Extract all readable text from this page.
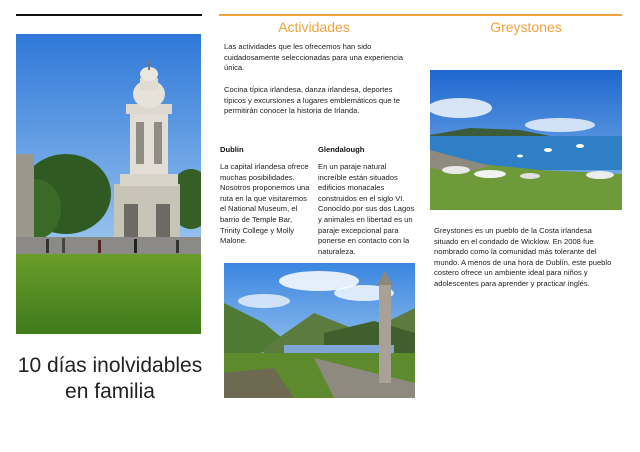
10 días inolvidables
en familia
Actividades
Las actividades que les ofrecemos han sido cuidadosamente seleccionadas para una experiencia única.
Cocina típica irlandesa, danza irlandesa, deportes típicos y excursiones a lugares emblemáticos que te permitirán conocer la historia de Irlanda.
Dublin
La capital irlandesa ofrece muchas posibilidades. Nosotros proponemos una ruta en la que visitaremos el National Museum, el barrio de Temple Bar, Trinity College y Molly Malone.
Glendalough
En un paraje natural increíble están situados edificios monacales construidos en el siglo VI. Conocido por sus dos Lagos y animales en libertad es un paraje excepcional para ponerse en contacto con la naturaleza.
Greystones
Greystones es un pueblo de la Costa irlandesa situado en el condado de Wicklow. En 2008 fue nombrado como la comunidad más tolerante del mundo. A menos de una hora de Dublín, este pueblo costero ofrece un ambiente ideal para niños y adolescentes para aprender y practicar inglés.
